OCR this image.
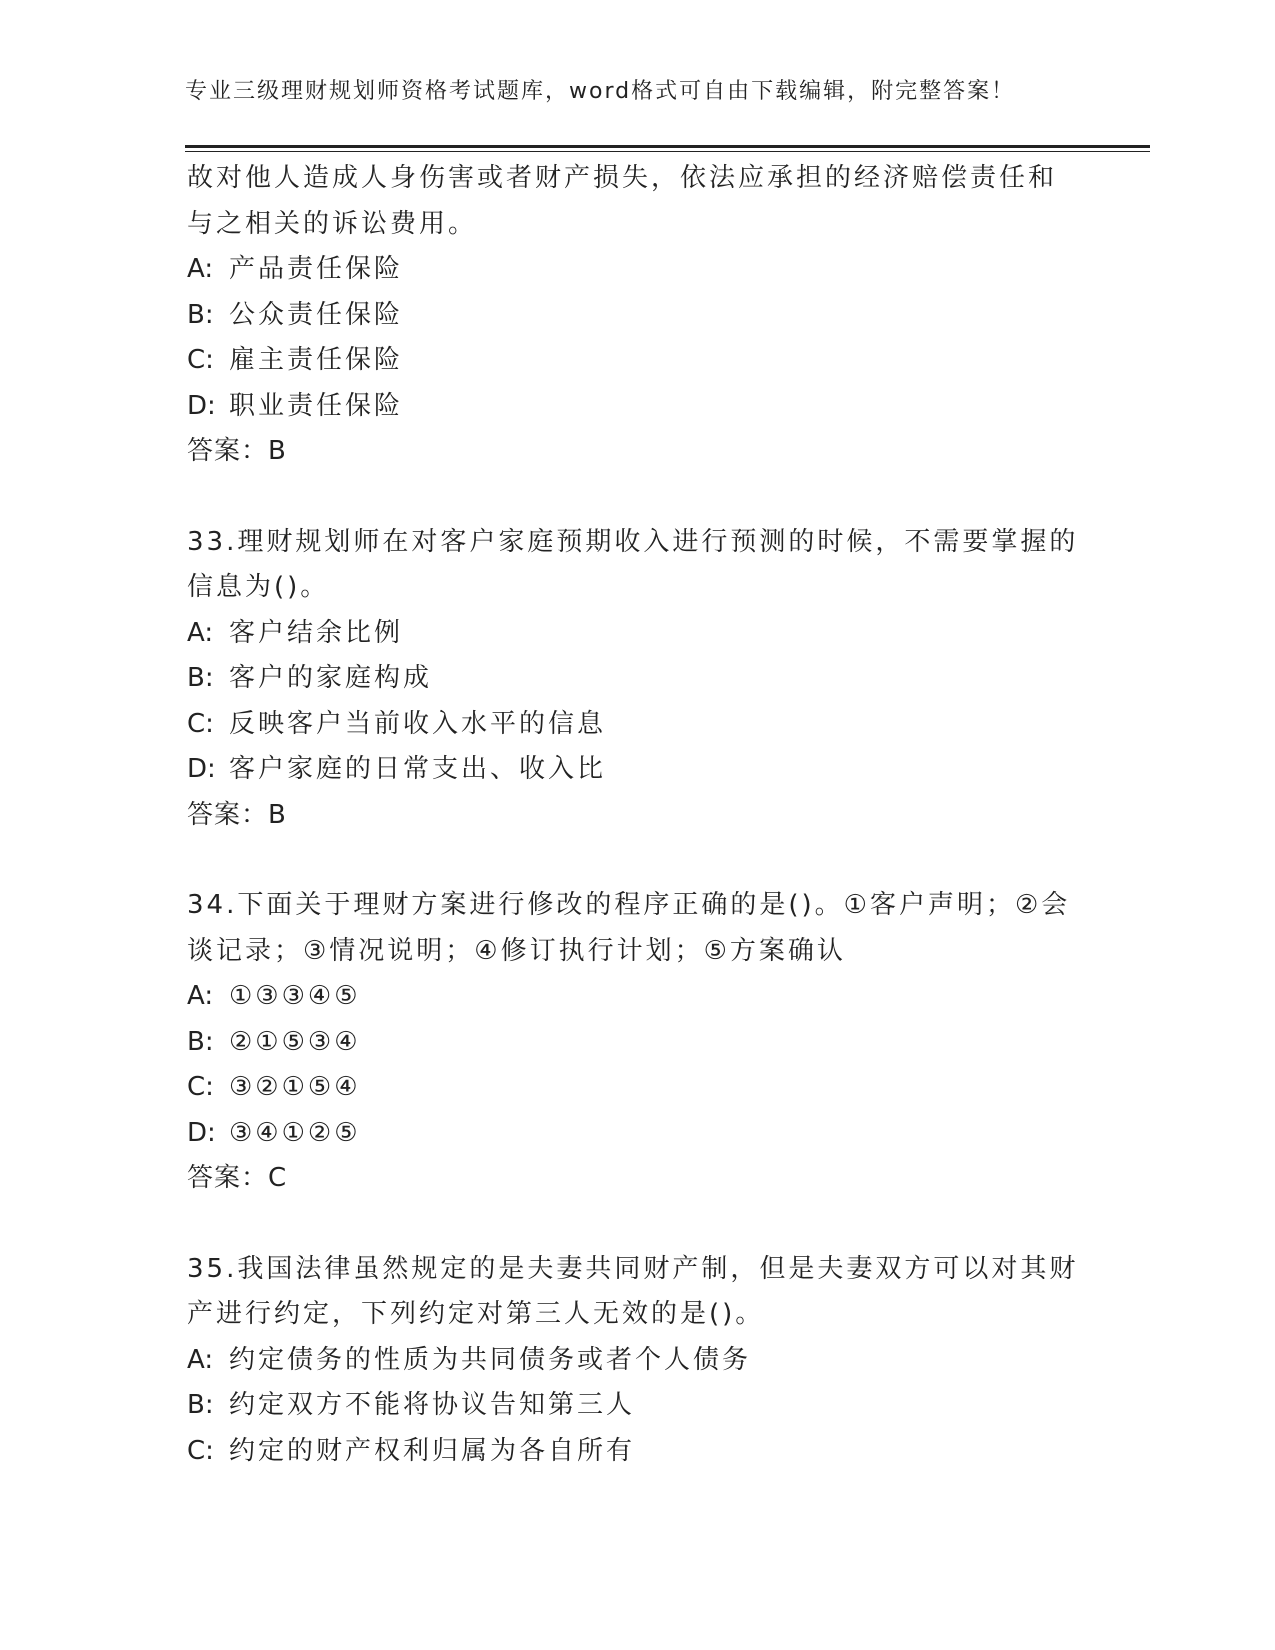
专业三级理财规划师资格考试题库，word格式可自由下载编辑，附完整答案！
故对他人造成人身伤害或者财产损失，依法应承担的经济赔偿责任和
与之相关的诉讼费用。
A: 产品责任保险
B: 公众责任保险
C: 雇主责任保险
D: 职业责任保险
答案：B
33.理财规划师在对客户家庭预期收入进行预测的时候，不需要掌握的
信息为()。
A: 客户结余比例
B: 客户的家庭构成
C: 反映客户当前收入水平的信息
D: 客户家庭的日常支出、收入比
答案：B
34.下面关于理财方案进行修改的程序正确的是()。①客户声明；②会
谈记录；③情况说明；④修订执行计划；⑤方案确认
A: ①③③④⑤
B: ②①⑤③④
C: ③②①⑤④
D: ③④①②⑤
答案：C
35.我国法律虽然规定的是夫妻共同财产制，但是夫妻双方可以对其财
产进行约定，下列约定对第三人无效的是()。
A: 约定债务的性质为共同债务或者个人债务
B: 约定双方不能将协议告知第三人
C: 约定的财产权利归属为各自所有
